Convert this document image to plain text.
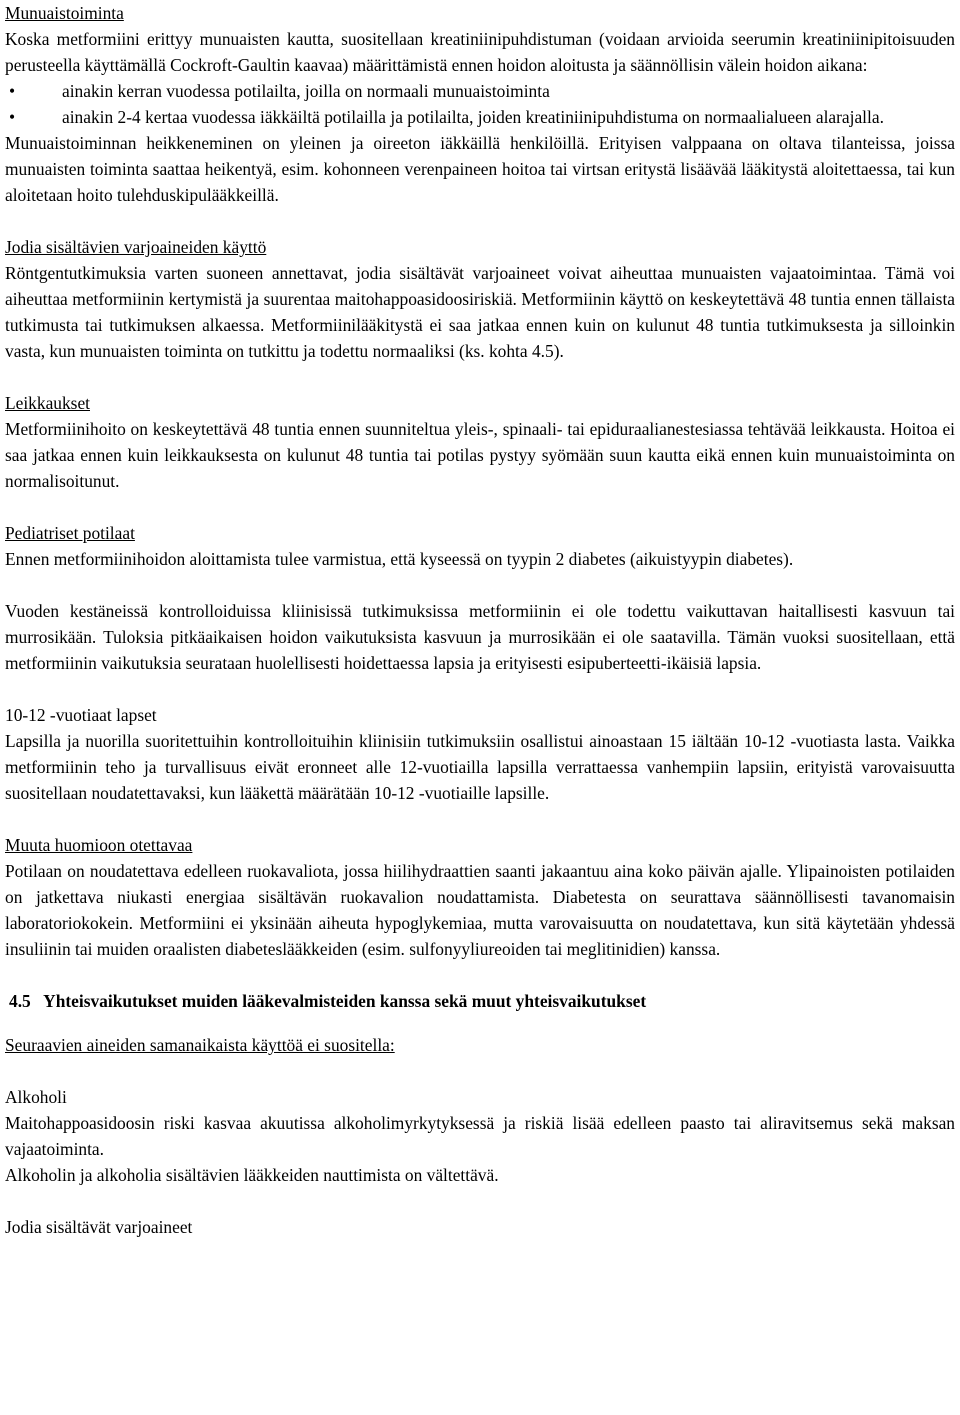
Munuaistoiminta

Koska metformiini erittyy munuaisten kautta, suositellaan kreatiniinipuhdistuman (voidaan arvioida seerumin kreatiniinipitoisuuden perusteella käyttämällä Cockroft-Gaultin kaavaa) määrittämistä ennen hoidon aloitusta ja säännöllisin välein hoidon aikana:

•	ainakin kerran vuodessa potilailta, joilla on normaali munuaistoiminta
•	ainakin 2-4 kertaa vuodessa iäkkäiltä potilailla ja potilailta, joiden kreatiniinipuhdistuma on normaalialueen alarajalla.

Munuaistoiminnan heikkeneminen on yleinen ja oireeton iäkkäillä henkilöillä. Erityisen valppaana on oltava tilanteissa, joissa munuaisten toiminta saattaa heikentyä, esim. kohonneen verenpaineen hoitoa tai virtsan eritystä lisäävää lääkitystä aloitettaessa, tai kun aloitetaan hoito tulehduskipulääkkeillä.

Jodia sisältävien varjoaineiden käyttö

Röntgentutkimuksia varten suoneen annettavat, jodia sisältävät varjoaineet voivat aiheuttaa munuaisten vajaatoimintaa. Tämä voi aiheuttaa metformiinin kertymistä ja suurentaa maitohappoasidoosiriskiä. Metformiinin käyttö on keskeytettävä 48 tuntia ennen tällaista tutkimusta tai tutkimuksen alkaessa. Metformiinilääkitystä ei saa jatkaa ennen kuin on kulunut 48 tuntia tutkimuksesta ja silloinkin vasta, kun munuaisten toiminta on tutkittu ja todettu normaaliksi (ks. kohta 4.5).

Leikkaukset

Metformiinihoito on keskeytettävä 48 tuntia ennen suunniteltua yleis-, spinaali- tai epiduraalianestesiassa tehtävää leikkausta. Hoitoa ei saa jatkaa ennen kuin leikkauksesta on kulunut 48 tuntia tai potilas pystyy syömään suun kautta eikä ennen kuin munuaistoiminta on normalisoitunut.

Pediatriset potilaat

Ennen metformiinihoidon aloittamista tulee varmistua, että kyseessä on tyypin 2 diabetes (aikuistyypin diabetes).

Vuoden kestäneissä kontrolloiduissa kliinisissä tutkimuksissa metformiinin ei ole todettu vaikuttavan haitallisesti kasvuun tai murrosikään. Tuloksia pitkäaikaisen hoidon vaikutuksista kasvuun ja murrosikään ei ole saatavilla. Tämän vuoksi suositellaan, että metformiinin vaikutuksia seurataan huolellisesti hoidettaessa lapsia ja erityisesti esipuberteetti-ikäisiä lapsia.

10-12 -vuotiaat lapset

Lapsilla ja nuorilla suoritettuihin kontrolloituihin kliinisiin tutkimuksiin osallistui ainoastaan 15 iältään 10-12 -vuotiasta lasta. Vaikka metformiinin teho ja turvallisuus eivät eronneet alle 12-vuotiailla lapsilla verrattaessa vanhempiin lapsiin, erityistä varovaisuutta suositellaan noudatettavaksi, kun lääkettä määrätään 10-12 -vuotiaille lapsille.

Muuta huomioon otettavaa

Potilaan on noudatettava edelleen ruokavaliota, jossa hiilihydraattien saanti jakaantuu aina koko päivän ajalle. Ylipainoisten potilaiden on jatkettava niukasti energiaa sisältävän ruokavalion noudattamista. Diabetesta on seurattava säännöllisesti tavanomaisin laboratoriokokein. Metformiini ei yksinään aiheuta hypoglykemiaa, mutta varovaisuutta on noudatettava, kun sitä käytetään yhdessä insuliinin tai muiden oraalisten diabeteslääkkeiden (esim. sulfonyyliureoiden tai meglitinidien) kanssa.

4.5   Yhteisvaikutukset muiden lääkevalmisteiden kanssa sekä muut yhteisvaikutukset

Seuraavien aineiden samanaikaista käyttöä ei suositella:

Alkoholi

Maitohappoasidoosin riski kasvaa akuutissa alkoholimyrkytyksessä ja riskiä lisää edelleen paasto tai aliravitsemus sekä maksan vajaatoiminta.

Alkoholin ja alkoholia sisältävien lääkkeiden nauttimista on vältettävä.

Jodia sisältävät varjoaineet
